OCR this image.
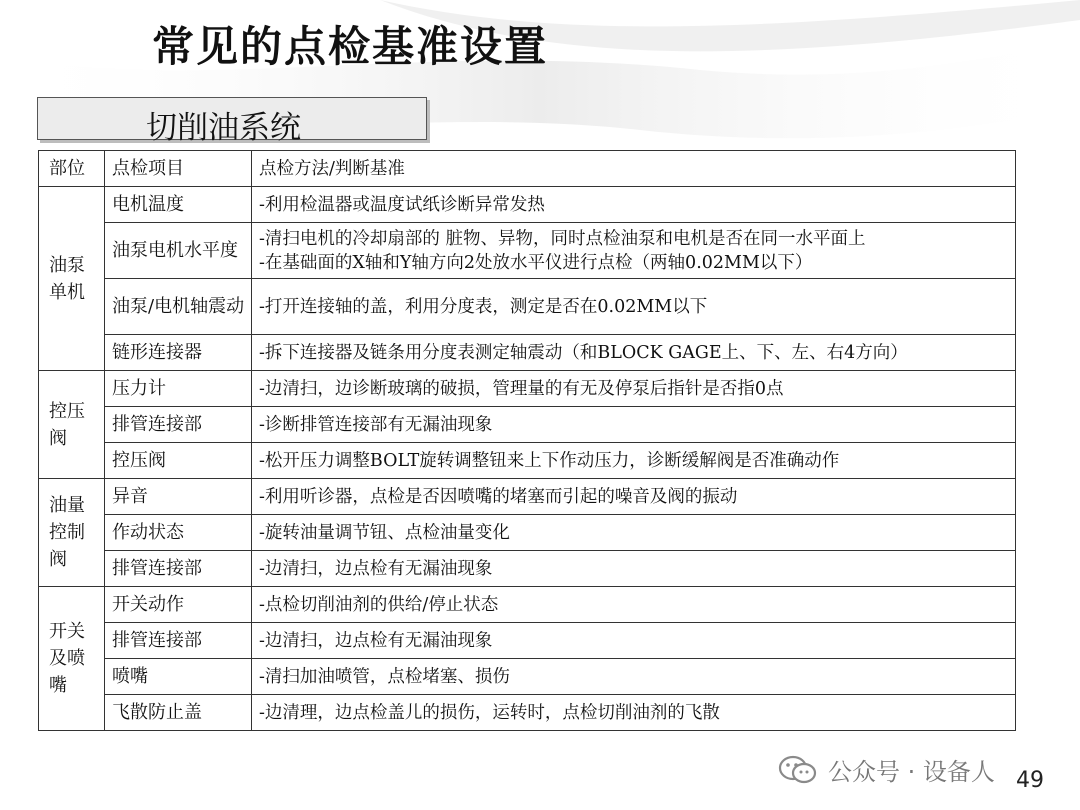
常见的点检基准设置
切削油系统
部位	点检项目	点检方法/判断基准
油泵单机	电机温度	-利用检温器或温度试纸诊断异常发热
	油泵电机水平度	-清扫电机的冷却扇部的 脏物、异物，同时点检油泵和电机是否在同一水平面上
-在基础面的X轴和Y轴方向2处放水平仪进行点检（两轴0.02MM以下）

	油泵/电机轴震动	-打开连接轴的盖，利用分度表，测定是否在0.02MM以下
	链形连接器	-拆下连接器及链条用分度表测定轴震动（和BLOCK GAGE上、下、左、右4方向）
控压阀	压力计	-边清扫，边诊断玻璃的破损，管理量的有无及停泵后指针是否指0点
	排管连接部	-诊断排管连接部有无漏油现象
	控压阀	-松开压力调整BOLT旋转调整钮来上下作动压力，诊断缓解阀是否准确动作
油量控制阀	异音	-利用听诊器，点检是否因喷嘴的堵塞而引起的噪音及阀的振动
	作动状态	-旋转油量调节钮、点检油量变化
	排管连接部	-边清扫，边点检有无漏油现象
开关及喷嘴	开关动作	-点检切削油剂的供给/停止状态
	排管连接部	-边清扫，边点检有无漏油现象
	喷嘴	-清扫加油喷管，点检堵塞、损伤
	飞散防止盖	-边清理，边点检盖儿的损伤，运转时，点检切削油剂的飞散
公众号 · 设备人 49
